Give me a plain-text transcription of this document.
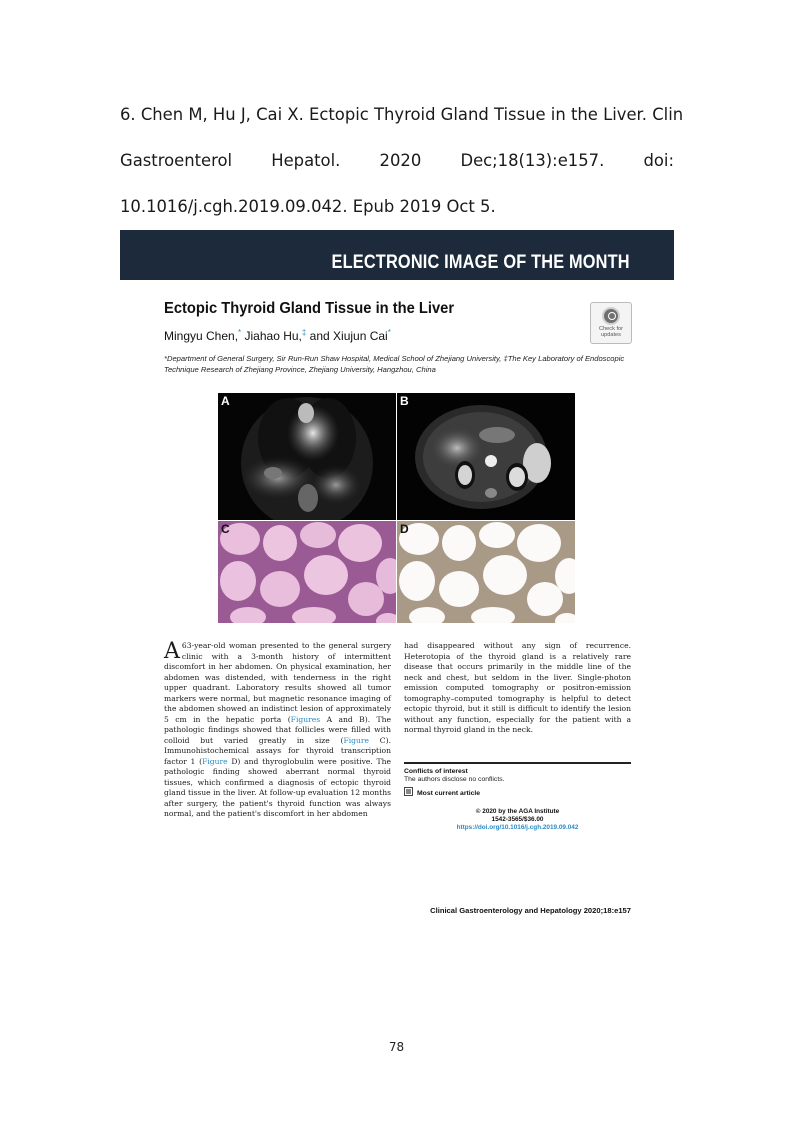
6. Chen M, Hu J, Cai X. Ectopic Thyroid Gland Tissue in the Liver. Clin
Gastroenterol Hepatol. 2020 Dec;18(13):e157. doi:
10.1016/j.cgh.2019.09.042. Epub 2019 Oct 5.
ELECTRONIC IMAGE OF THE MONTH
Ectopic Thyroid Gland Tissue in the Liver
Mingyu Chen,* Jiahao Hu,‡ and Xiujun Cai*	Check for
updates
*Department of General Surgery, Sir Run-Run Shaw Hospital, Medical School of Zhejiang University, ‡The Key Laboratory of Endoscopic Technique Research of Zhejiang Province, Zhejiang University, Hangzhou, China
A	B
C	D

A 63-year-old woman presented to the general surgery clinic with a 3-month history of intermittent discomfort in her abdomen. On physical examination, her abdomen was distended, with tenderness in the right upper quadrant. Laboratory results showed all tumor markers were normal, but magnetic resonance imaging of the abdomen showed an indistinct lesion of approximately 5 cm in the hepatic porta (Figures A and B). The pathologic findings showed that follicles were filled with colloid but varied greatly in size (Figure C). Immunohistochemical assays for thyroid transcription factor 1 (Figure D) and thyroglobulin were positive. The pathologic finding showed aberrant normal thyroid tissues, which confirmed a diagnosis of ectopic thyroid gland tissue in the liver. At follow-up evaluation 12 months after surgery, the patient's thyroid function was always normal, and the patient's discomfort in her abdomen

had disappeared without any sign of recurrence. Heterotopia of the thyroid gland is a relatively rare disease that occurs primarily in the middle line of the neck and chest, but seldom in the liver. Single-photon emission computed tomography or positron-emission tomography–computed tomography is helpful to detect ectopic thyroid, but it still is difficult to identify the lesion without any function, especially for the patient with a normal thyroid gland in the neck.

Conflicts of interest
The authors disclose no conflicts.
Most current article
© 2020 by the AGA Institute
1542-3565/$36.00
https://doi.org/10.1016/j.cgh.2019.09.042
Clinical Gastroenterology and Hepatology 2020;18:e157
78
